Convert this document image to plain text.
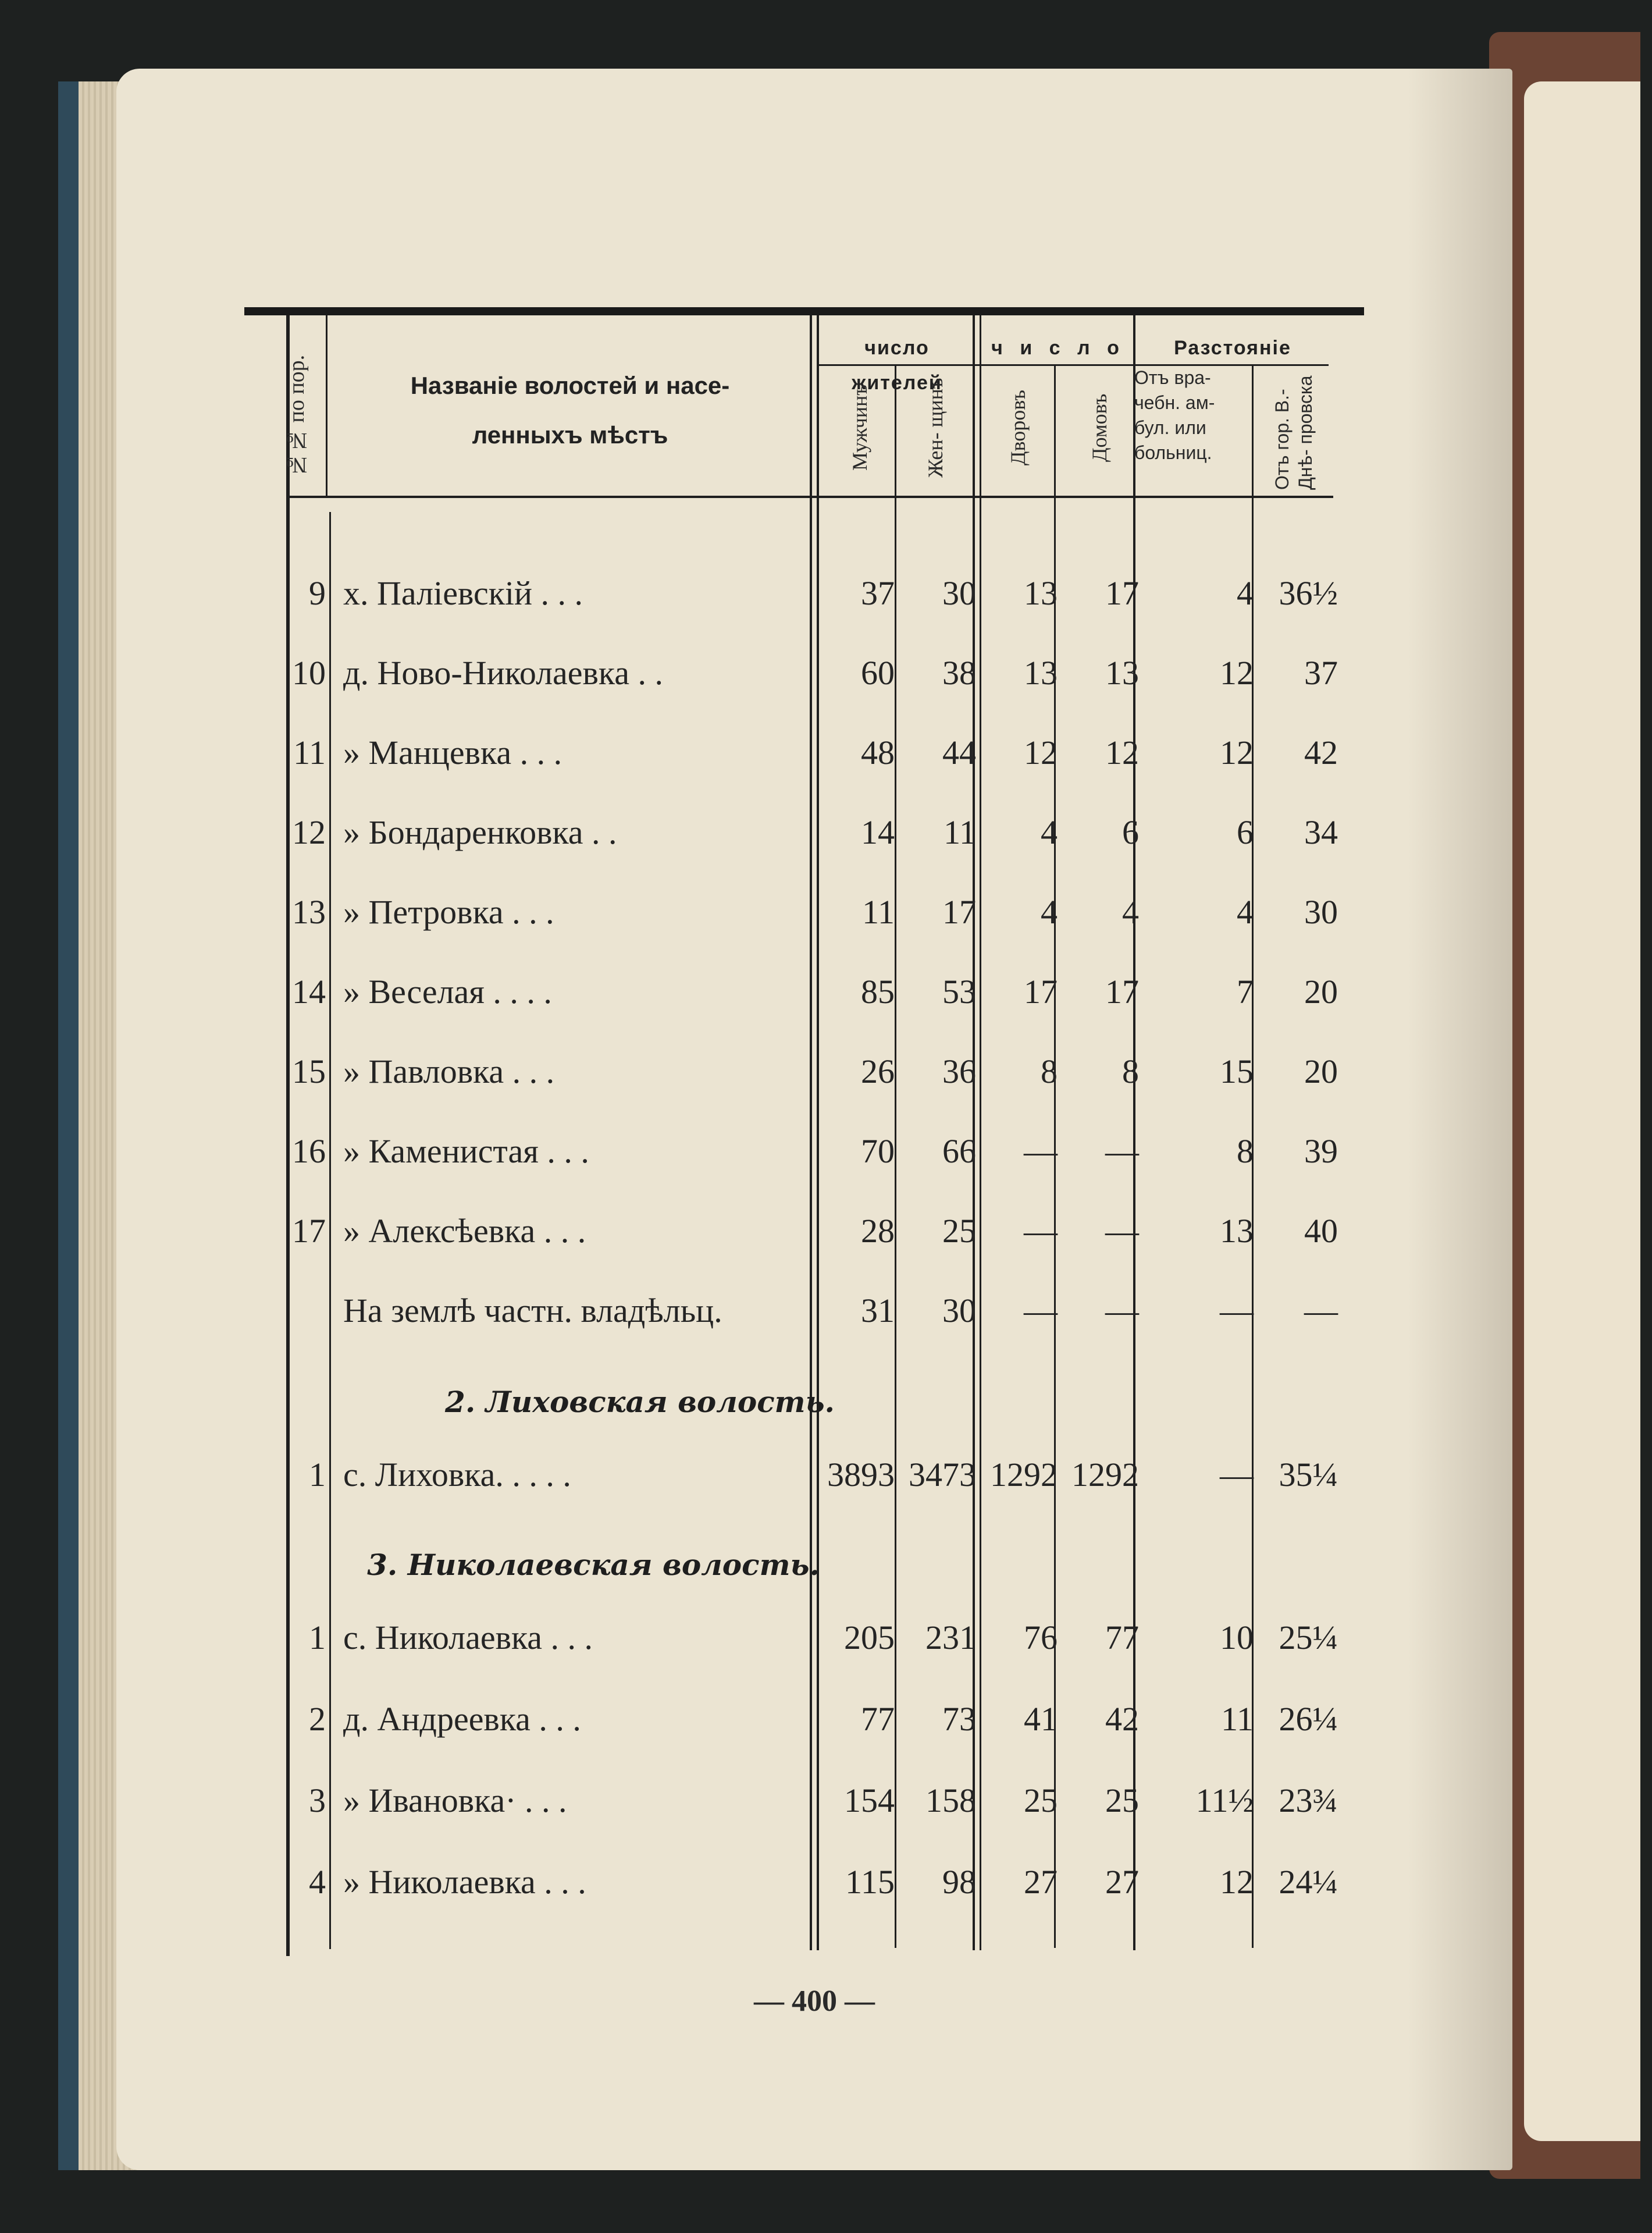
№№ по пор.	Названіе волостей и насе-
ленныхъ мѣстъ
число жителей
ч и с л о	Разстояніе
Мужчинъ	Жен- щинъ	Дворовъ	Домовъ
Отъ вра- чебн. ам- бул. или больниц.	Отъ гор. В.-Днѣ- провска
9 х. Паліевскій . . .	37	30	13	17	4 36½
10 д. Ново-Николаевка . .	60	38	13	13	12	37
11 » Манцевка . . .	48	44	12	12	12	42
12 » Бондаренковка . .	14	11	4	6	6	34
13 » Петровка . . .	11	17	4	4	4	30
14 » Веселая . . . .	85	53	17	17	7	20
15 » Павловка . . .	26	36	8	8	15	20
16 » Каменистая . . .	70	66	—	—	8	39
17 » Алексѣевка . . .	28	25	—	—	13	40
На землѣ частн. владѣльц.	31	30	—	—	—	—
2. Лиховская волость.
1 с. Лиховка. . . . .	3893 3473 1292 1292	— 35¼
3. Николаевская волость.
1 с. Николаевка . . .	205 231	76	77	10 25¼
2 д. Андреевка . . .	77	73	41	42	11 26¼
3 » Ивановка· . . .	154 158	25	25	11½ 23¾
4 » Николаевка . . .	115	98	27	27	12 24¼
— 400 —
